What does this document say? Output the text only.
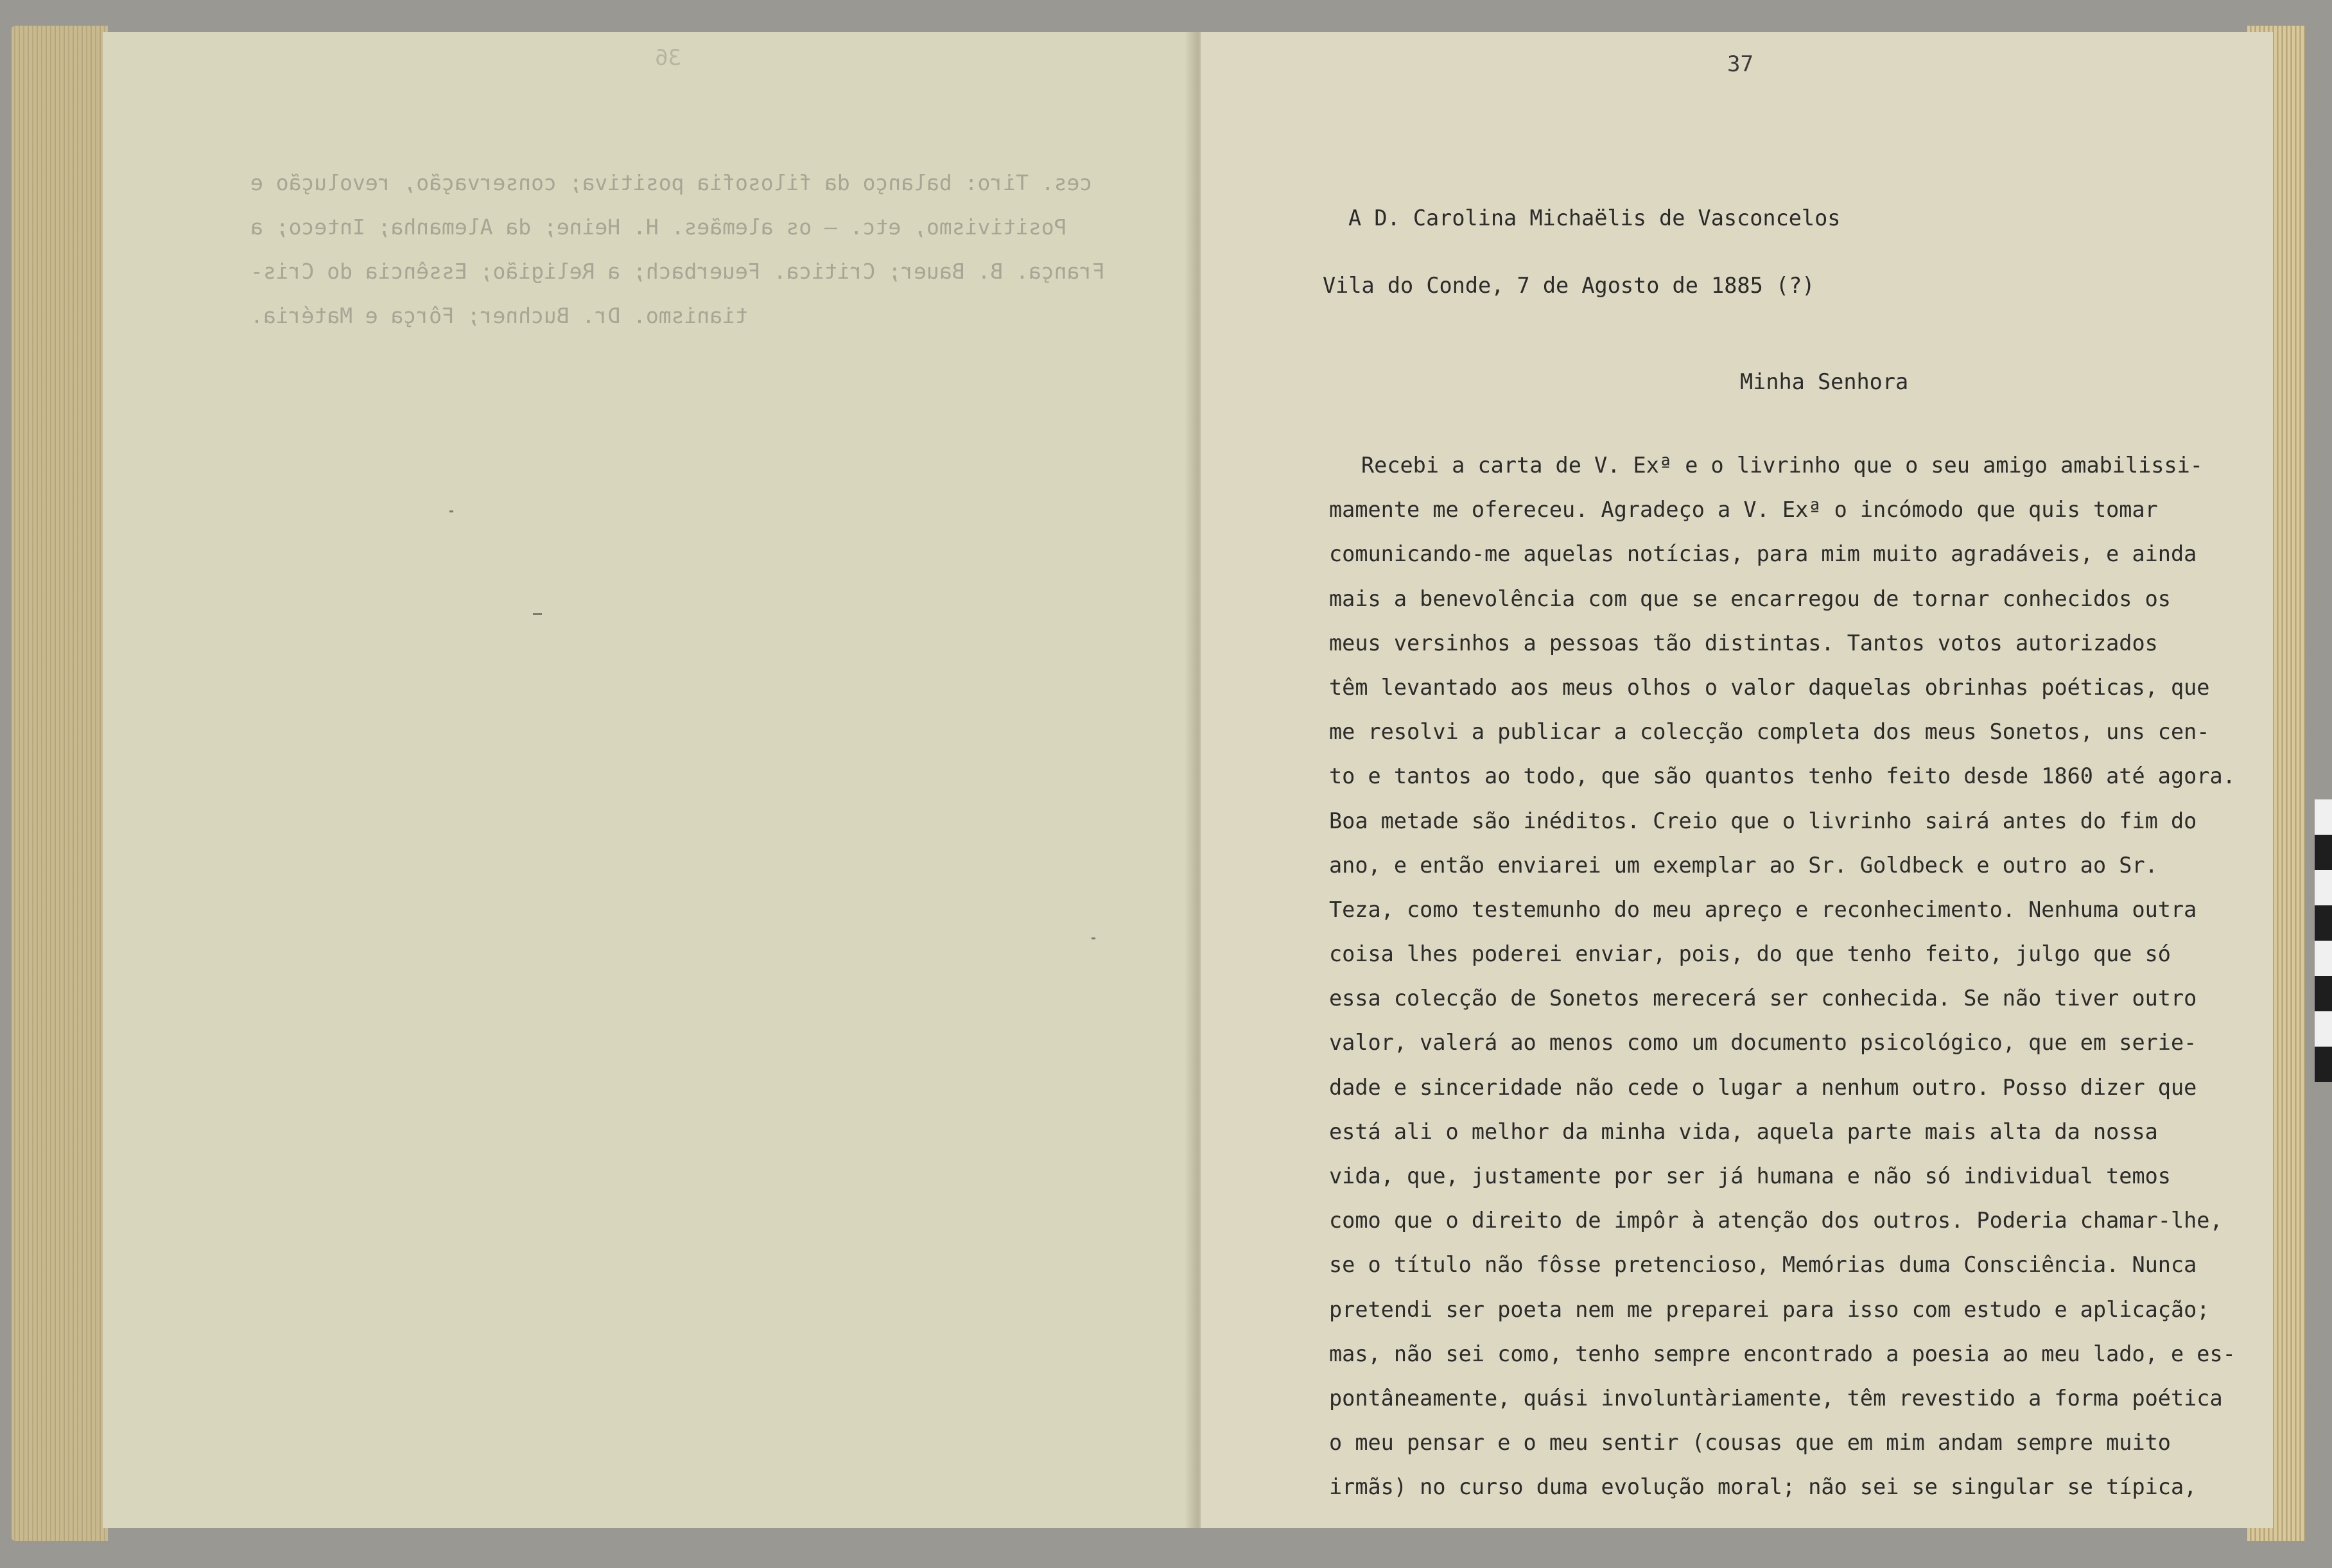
36

ces. Tiro: balanço da filosofia positiva; conservação, revolução e

Positivismo, etc. — os alemães. H. Heine; da Alemanha; Inteco; a

França. B. Bauer; Critica. Feuerbach; a Religião; Essência do Cris-

tianismo. Dr. Buchner; Fôrça e Matéria.

37
A D. Carolina Michaëlis de Vasconcelos
Vila do Conde, 7 de Agosto de 1885 (?)
Minha Senhora

Recebi a carta de V. Exª e o livrinho que o seu amigo amabilissi-

mamente me ofereceu. Agradeço a V. Exª o incómodo que quis tomar

comunicando-me aquelas notícias, para mim muito agradáveis, e ainda

mais a benevolência com que se encarregou de tornar conhecidos os

meus versinhos a pessoas tão distintas. Tantos votos autorizados

têm levantado aos meus olhos o valor daquelas obrinhas poéticas, que

me resolvi a publicar a colecção completa dos meus Sonetos, uns cen-

to e tantos ao todo, que são quantos tenho feito desde 1860 até agora.

Boa metade são inéditos. Creio que o livrinho sairá antes do fim do

ano, e então enviarei um exemplar ao Sr. Goldbeck e outro ao Sr.

Teza, como testemunho do meu apreço e reconhecimento. Nenhuma outra

coisa lhes poderei enviar, pois, do que tenho feito, julgo que só

essa colecção de Sonetos merecerá ser conhecida. Se não tiver outro

valor, valerá ao menos como um documento psicológico, que em serie-

dade e sinceridade não cede o lugar a nenhum outro. Posso dizer que

está ali o melhor da minha vida, aquela parte mais alta da nossa

vida, que, justamente por ser já humana e não só individual temos

como que o direito de impôr à atenção dos outros. Poderia chamar-lhe,

se o título não fôsse pretencioso, Memórias duma Consciência. Nunca

pretendi ser poeta nem me preparei para isso com estudo e aplicação;

mas, não sei como, tenho sempre encontrado a poesia ao meu lado, e es-

pontâneamente, quási involuntàriamente, têm revestido a forma poética

o meu pensar e o meu sentir (cousas que em mim andam sempre muito

irmãs) no curso duma evolução moral; não sei se singular se típica,
